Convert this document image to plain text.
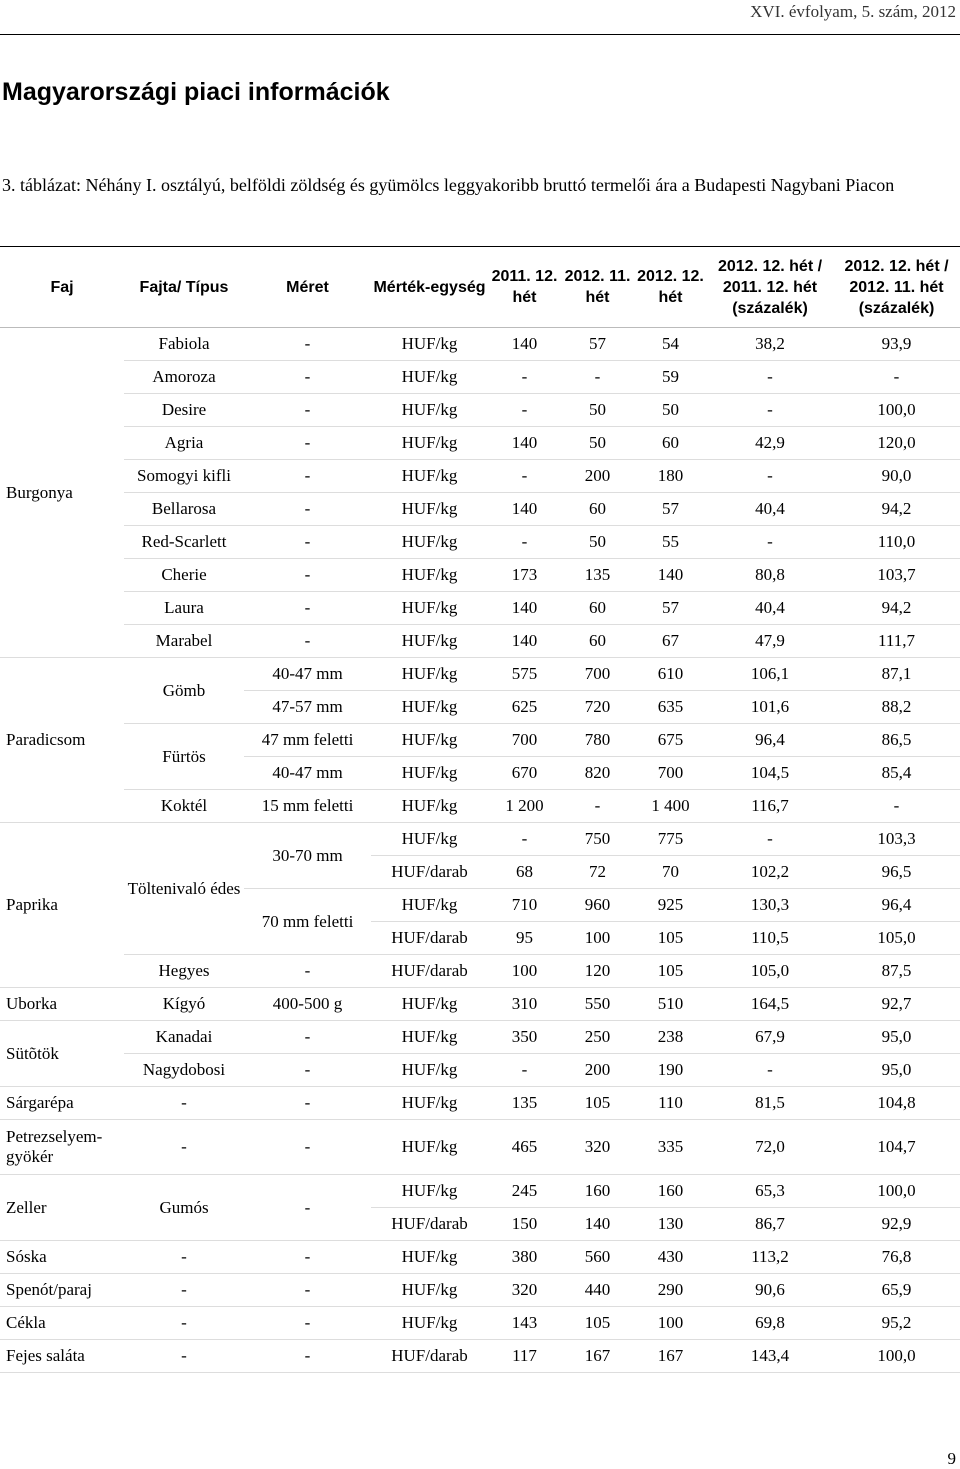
XVI. évfolyam, 5. szám, 2012
Magyarországi piaci információk

3. táblázat: Néhány I. osztályú, belföldi zöldség és gyümölcs leggyakoribb bruttó termelői ára a Budapesti Nagybani Piacon

Faj	Fajta/ Típus	Méret	Mérték-egység	2011. 12. hét	2012. 11. hét	2012. 12. hét	2012. 12. hét / 2011. 12. hét (százalék)	2012. 12. hét / 2012. 11. hét (százalék)
Burgonya	Fabiola	-	HUF/kg	140	57	54	38,2	93,9
	Amoroza	-	HUF/kg	-	-	59	-	-
	Desire	-	HUF/kg	-	50	50	-	100,0
	Agria	-	HUF/kg	140	50	60	42,9	120,0
	Somogyi kifli	-	HUF/kg	-	200	180	-	90,0
	Bellarosa	-	HUF/kg	140	60	57	40,4	94,2
	Red-Scarlett	-	HUF/kg	-	50	55	-	110,0
	Cherie	-	HUF/kg	173	135	140	80,8	103,7
	Laura	-	HUF/kg	140	60	57	40,4	94,2
	Marabel	-	HUF/kg	140	60	67	47,9	111,7
Paradicsom	Gömb	40-47 mm	HUF/kg	575	700	610	106,1	87,1
		47-57 mm	HUF/kg	625	720	635	101,6	88,2
	Fürtös	47 mm feletti	HUF/kg	700	780	675	96,4	86,5
		40-47 mm	HUF/kg	670	820	700	104,5	85,4
	Koktél	15 mm feletti	HUF/kg	1 200	-	1 400	116,7	-
Paprika	Töltenivaló édes	30-70 mm	HUF/kg	-	750	775	-	103,3
			HUF/darab	68	72	70	102,2	96,5
		70 mm feletti	HUF/kg	710	960	925	130,3	96,4
			HUF/darab	95	100	105	110,5	105,0
	Hegyes	-	HUF/darab	100	120	105	105,0	87,5
Uborka	Kígyó	400-500 g	HUF/kg	310	550	510	164,5	92,7
Sütõtök	Kanadai	-	HUF/kg	350	250	238	67,9	95,0
	Nagydobosi	-	HUF/kg	-	200	190	-	95,0
Sárgarépa	-	-	HUF/kg	135	105	110	81,5	104,8
Petrezselyem-gyökér	-	-	HUF/kg	465	320	335	72,0	104,7
Zeller	Gumós	-	HUF/kg	245	160	160	65,3	100,0
			HUF/darab	150	140	130	86,7	92,9
Sóska	-	-	HUF/kg	380	560	430	113,2	76,8
Spenót/paraj	-	-	HUF/kg	320	440	290	90,6	65,9
Cékla	-	-	HUF/kg	143	105	100	69,8	95,2
Fejes saláta	-	-	HUF/darab	117	167	167	143,4	100,0
9
